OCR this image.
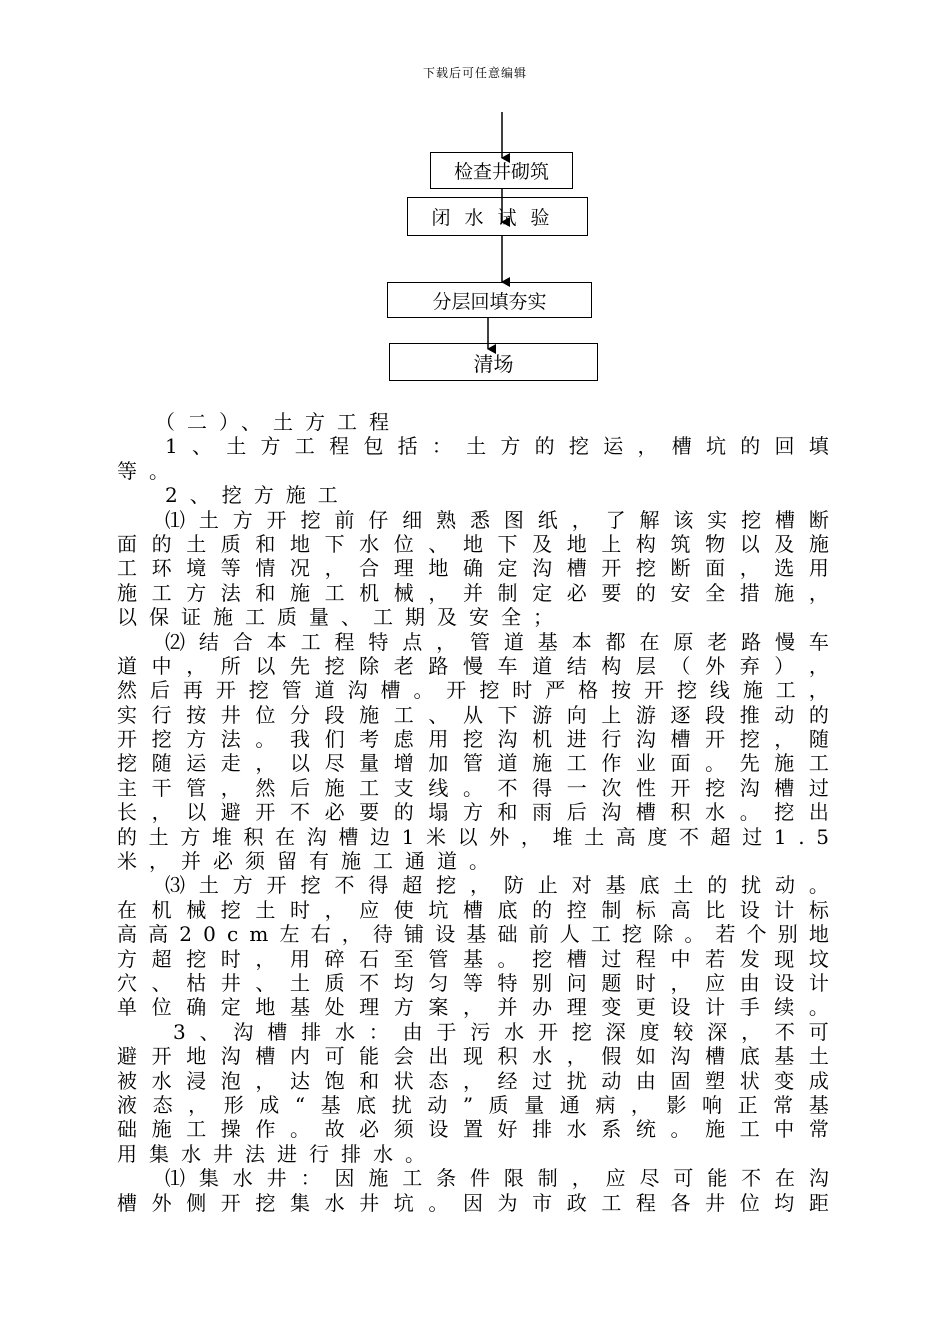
下载后可任意编辑
检查井砌筑
闭水试验
分层回填夯实
清场
（二）、土方工程
1 、 土 方 工 程 包 括 ： 土 方 的 挖 运 ， 槽 坑 的 回 填
等。
2、挖方施工
⑴ 土 方 开 挖 前 仔 细 熟 悉 图 纸 ， 了 解 该 实 挖 槽 断
面 的 土 质 和 地 下 水 位 、 地 下 及 地 上 构 筑 物 以 及 施
工 环 境 等 情 况 ， 合 理 地 确 定 沟 槽 开 挖 断 面 ， 选 用
施 工 方 法 和 施 工 机 械 ， 并 制 定 必 要 的 安 全 措 施 ，
以保证施工质量、工期及安全；
⑵ 结 合 本 工 程 特 点 ， 管 道 基 本 都 在 原 老 路 慢 车
道 中 ， 所 以 先 挖 除 老 路 慢 车 道 结 构 层 （ 外 弃 ） ，
然 后 再 开 挖 管 道 沟 槽 。 开 挖 时 严 格 按 开 挖 线 施 工 ，
实 行 按 井 位 分 段 施 工 、 从 下 游 向 上 游 逐 段 推 动 的
开 挖 方 法 。 我 们 考 虑 用 挖 沟 机 进 行 沟 槽 开 挖 ， 随
挖 随 运 走 ， 以 尽 量 增 加 管 道 施 工 作 业 面 。 先 施 工
主 干 管 ， 然 后 施 工 支 线 。 不 得 一 次 性 开 挖 沟 槽 过
长 ， 以 避 开 不 必 要 的 塌 方 和 雨 后 沟 槽 积 水 。 挖 出
的 土 方 堆 积 在 沟 槽 边 1 米 以 外 ， 堆 土 高 度 不 超 过 1 . 5
米，并必须留有施工通道。
⑶ 土 方 开 挖 不 得 超 挖 ， 防 止 对 基 底 土 的 扰 动 。
在 机 械 挖 土 时 ， 应 使 坑 槽 底 的 控 制 标 高 比 设 计 标
高 高 2 0 c m 左 右 ， 待 铺 设 基 础 前 人 工 挖 除 。 若 个 别 地
方 超 挖 时 ， 用 碎 石 至 管 基 。 挖 槽 过 程 中 若 发 现 坟
穴 、 枯 井 、 土 质 不 均 匀 等 特 别 问 题 时 ， 应 由 设 计
单 位 确 定 地 基 处 理 方 案 ， 并 办 理 变 更 设 计 手 续 。
3 、 沟 槽 排 水 ： 由 于 污 水 开 挖 深 度 较 深 ， 不 可
避 开 地 沟 槽 内 可 能 会 出 现 积 水 ， 假 如 沟 槽 底 基 土
被 水 浸 泡 ， 达 饱 和 状 态 ， 经 过 扰 动 由 固 塑 状 变 成
液 态 ， 形 成 “ 基 底 扰 动 ” 质 量 通 病 ， 影 响 正 常 基
础 施 工 操 作 。 故 必 须 设 置 好 排 水 系 统 。 施 工 中 常
用集水井法进行排水。
⑴ 集 水 井 ： 因 施 工 条 件 限 制 ， 应 尽 可 能 不 在 沟
槽 外 侧 开 挖 集 水 井 坑 。 因 为 市 政 工 程 各 井 位 均 距
